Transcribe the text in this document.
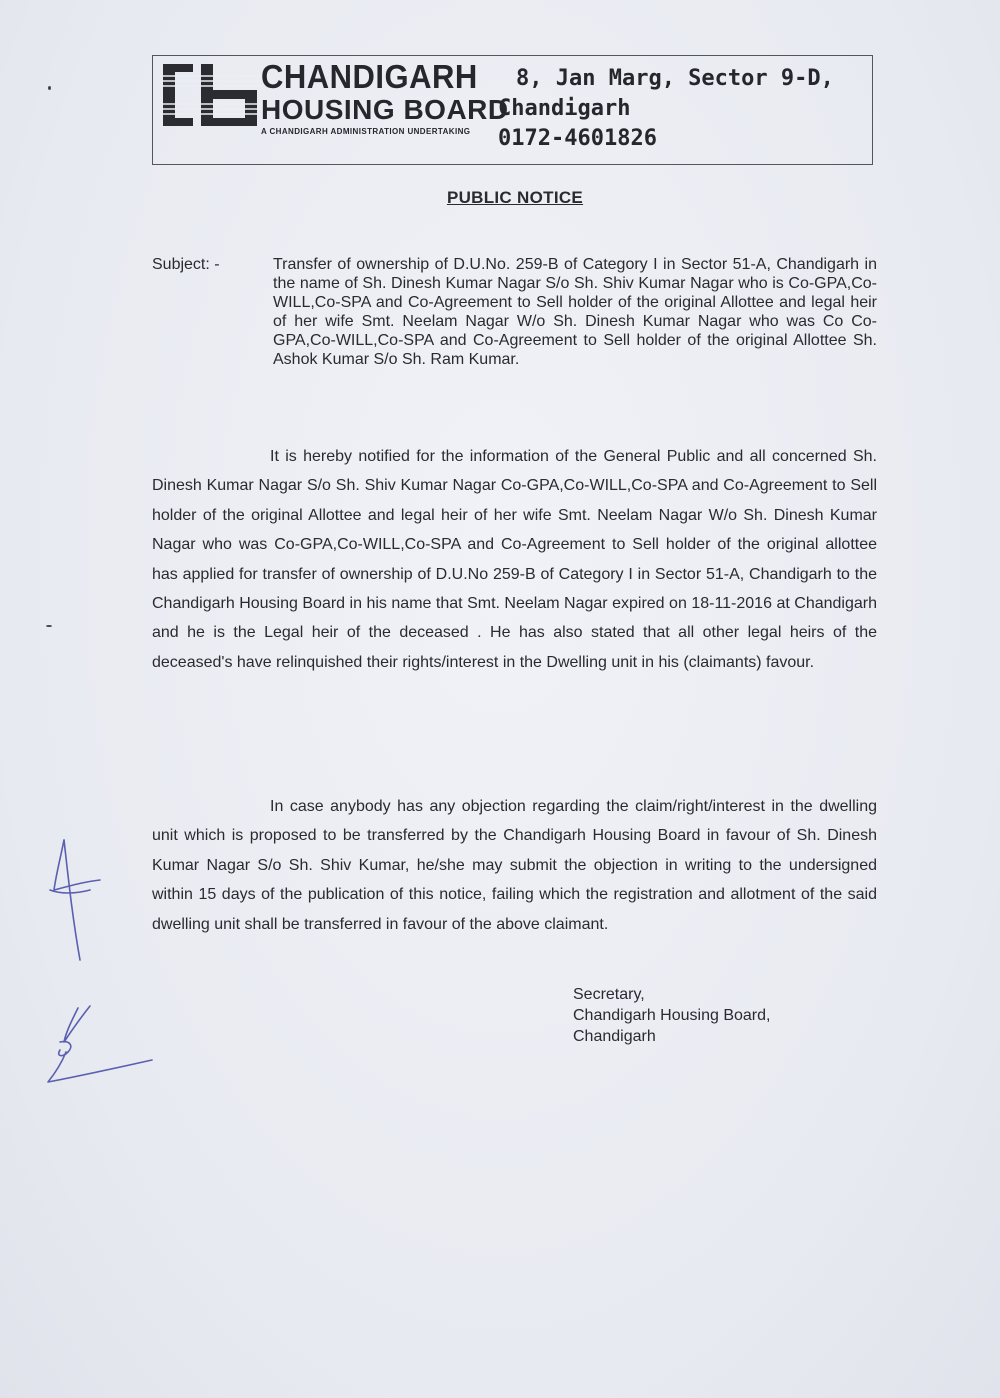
CHANDIGARH
HOUSING BOARD
A CHANDIGARH ADMINISTRATION UNDERTAKING
8, Jan Marg, Sector 9-D,
Chandigarh
0172-4601826
PUBLIC NOTICE
Subject: -	Transfer of ownership of D.U.No. 259-B of Category I in Sector 51-A, Chandigarh in the name of Sh. Dinesh Kumar Nagar S/o Sh. Shiv Kumar Nagar who is Co-GPA,Co-WILL,Co-SPA and Co-Agreement to Sell holder of the original Allottee and legal heir of her wife Smt. Neelam Nagar W/o Sh. Dinesh Kumar Nagar who was Co Co-GPA,Co-WILL,Co-SPA and Co-Agreement to Sell holder of the original Allottee Sh. Ashok Kumar S/o Sh. Ram Kumar.
It is hereby notified for the information of the General Public and all concerned Sh. Dinesh Kumar Nagar S/o Sh. Shiv Kumar Nagar Co-GPA,Co-WILL,Co-SPA and Co-Agreement to Sell holder of the original Allottee and legal heir of her wife Smt. Neelam Nagar W/o Sh. Dinesh Kumar Nagar who was Co-GPA,Co-WILL,Co-SPA and Co-Agreement to Sell holder of the original allottee has applied for transfer of ownership of D.U.No 259-B of Category I in Sector 51-A, Chandigarh to the Chandigarh Housing Board in his name that Smt. Neelam Nagar expired on 18-11-2016 at Chandigarh and he is the Legal heir of the deceased . He has also stated that all other legal heirs of the deceased's have relinquished their rights/interest in the Dwelling unit in his (claimants) favour.
In case anybody has any objection regarding the claim/right/interest in the dwelling unit which is proposed to be transferred by the Chandigarh Housing Board in favour of Sh. Dinesh Kumar Nagar S/o Sh. Shiv Kumar, he/she may submit the objection in writing to the undersigned within 15 days of the publication of this notice, failing which the registration and allotment of the said dwelling unit shall be transferred in favour of the above claimant.
Secretary,
Chandigarh Housing Board,
Chandigarh
